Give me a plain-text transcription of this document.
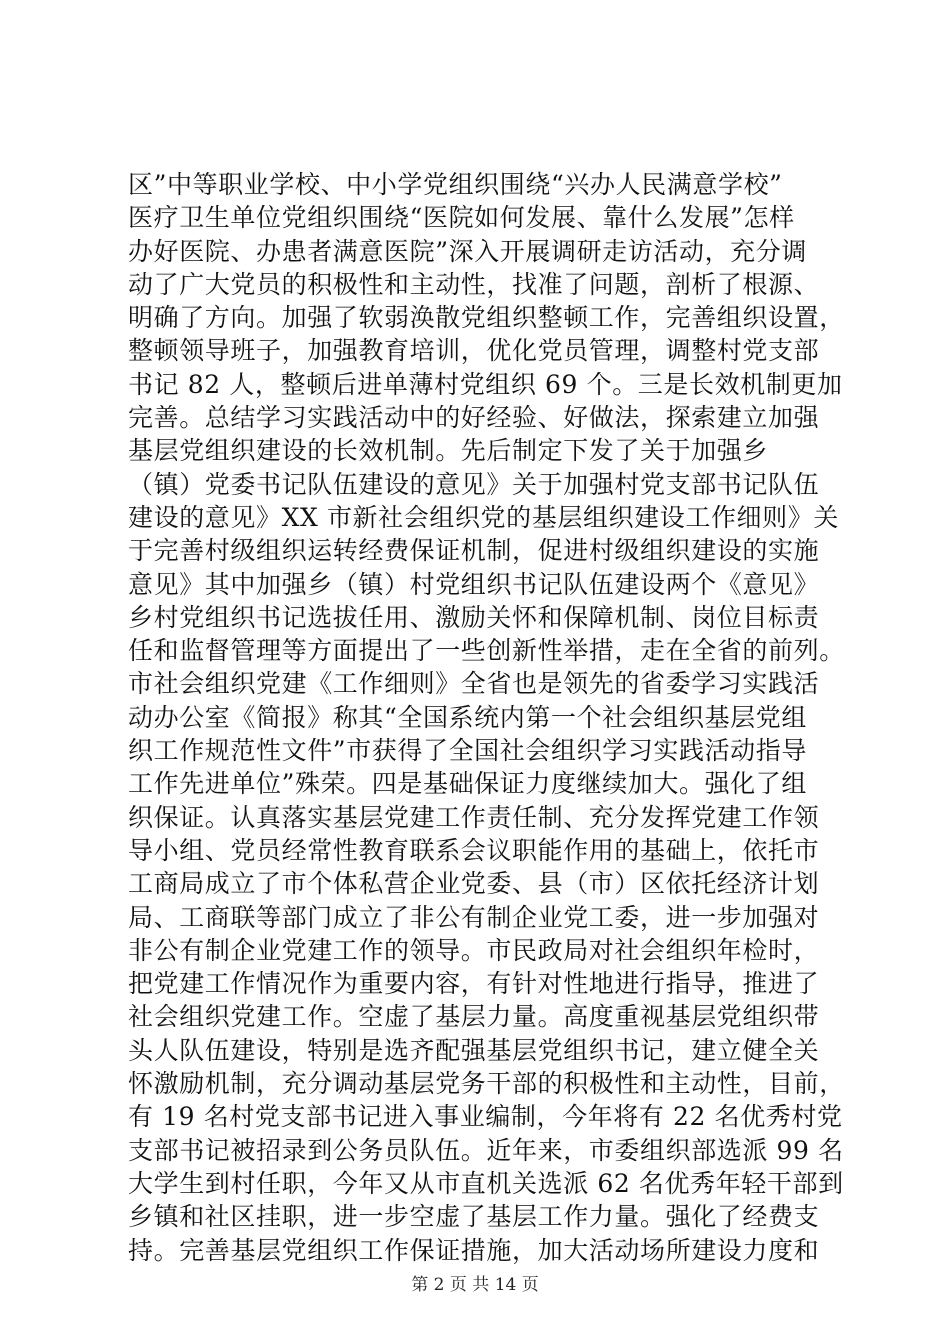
区”中等职业学校、中小学党组织围绕“兴办人民满意学校”
医疗卫生单位党组织围绕“医院如何发展、靠什么发展”怎样
办好医院、办患者满意医院”深入开展调研走访活动，充分调
动了广大党员的积极性和主动性，找准了问题，剖析了根源、
明确了方向。加强了软弱涣散党组织整顿工作，完善组织设置，
整顿领导班子，加强教育培训，优化党员管理，调整村党支部
书记 82 人，整顿后进单薄村党组织 69 个。三是长效机制更加
完善。总结学习实践活动中的好经验、好做法，探索建立加强
基层党组织建设的长效机制。先后制定下发了关于加强乡
（镇）党委书记队伍建设的意见》关于加强村党支部书记队伍
建设的意见》XX 市新社会组织党的基层组织建设工作细则》关
于完善村级组织运转经费保证机制，促进村级组织建设的实施
意见》其中加强乡（镇）村党组织书记队伍建设两个《意见》
乡村党组织书记选拔任用、激励关怀和保障机制、岗位目标责
任和监督管理等方面提出了一些创新性举措，走在全省的前列。
市社会组织党建《工作细则》全省也是领先的省委学习实践活
动办公室《简报》称其“全国系统内第一个社会组织基层党组
织工作规范性文件”市获得了全国社会组织学习实践活动指导
工作先进单位”殊荣。四是基础保证力度继续加大。强化了组
织保证。认真落实基层党建工作责任制、充分发挥党建工作领
导小组、党员经常性教育联系会议职能作用的基础上，依托市
工商局成立了市个体私营企业党委、县（市）区依托经济计划
局、工商联等部门成立了非公有制企业党工委，进一步加强对
非公有制企业党建工作的领导。市民政局对社会组织年检时，
把党建工作情况作为重要内容，有针对性地进行指导，推进了
社会组织党建工作。空虚了基层力量。高度重视基层党组织带
头人队伍建设，特别是选齐配强基层党组织书记，建立健全关
怀激励机制，充分调动基层党务干部的积极性和主动性，目前，
有 19 名村党支部书记进入事业编制，今年将有 22 名优秀村党
支部书记被招录到公务员队伍。近年来，市委组织部选派 99 名
大学生到村任职，今年又从市直机关选派 62 名优秀年轻干部到
乡镇和社区挂职，进一步空虚了基层工作力量。强化了经费支
持。完善基层党组织工作保证措施，加大活动场所建设力度和
第 2 页 共 14 页
